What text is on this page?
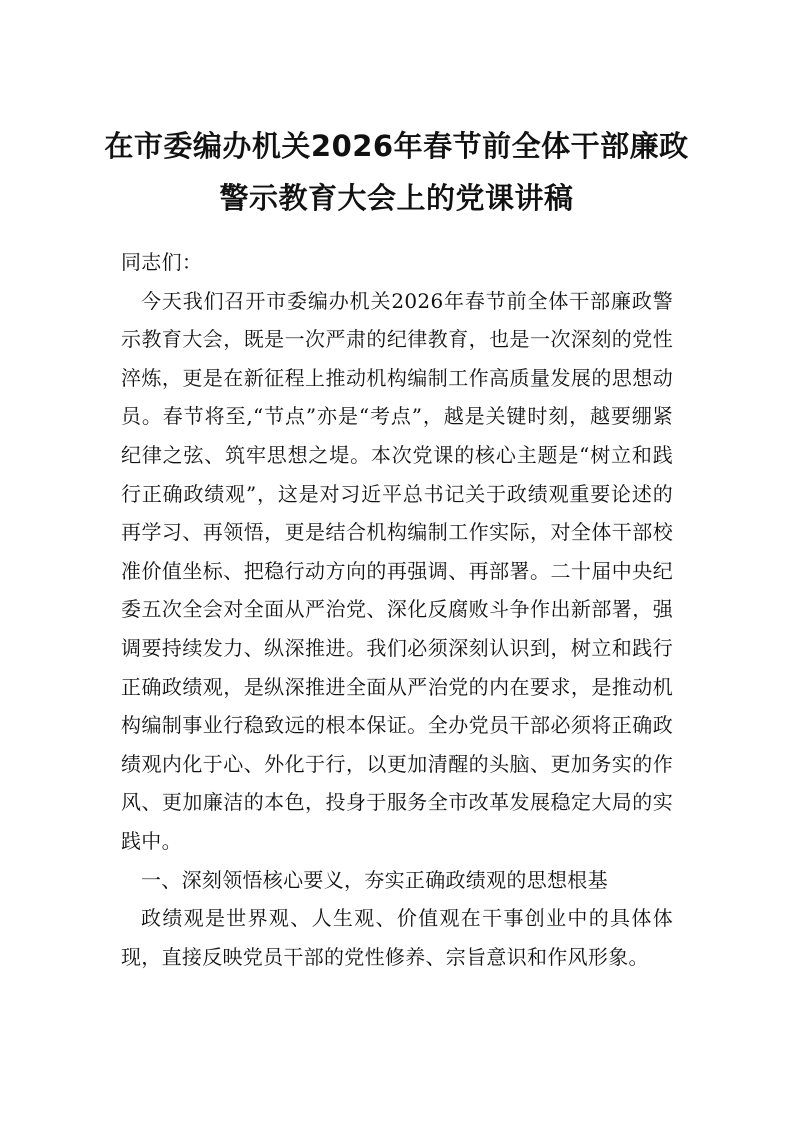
在市委编办机关2026年春节前全体干部廉政警示教育大会上的党课讲稿

同志们：

今天我们召开市委编办机关2026年春节前全体干部廉政警示教育大会，既是一次严肃的纪律教育，也是一次深刻的党性淬炼，更是在新征程上推动机构编制工作高质量发展的思想动员。春节将至,“节点”亦是“考点”，越是关键时刻，越要绷紧纪律之弦、筑牢思想之堤。本次党课的核心主题是“树立和践行正确政绩观”，这是对习近平总书记关于政绩观重要论述的再学习、再领悟，更是结合机构编制工作实际，对全体干部校准价值坐标、把稳行动方向的再强调、再部署。二十届中央纪委五次全会对全面从严治党、深化反腐败斗争作出新部署，强调要持续发力、纵深推进。我们必须深刻认识到，树立和践行正确政绩观，是纵深推进全面从严治党的内在要求，是推动机构编制事业行稳致远的根本保证。全办党员干部必须将正确政绩观内化于心、外化于行，以更加清醒的头脑、更加务实的作风、更加廉洁的本色，投身于服务全市改革发展稳定大局的实践中。

一、深刻领悟核心要义，夯实正确政绩观的思想根基

政绩观是世界观、人生观、价值观在干事创业中的具体体现，直接反映党员干部的党性修养、宗旨意识和作风形象。
